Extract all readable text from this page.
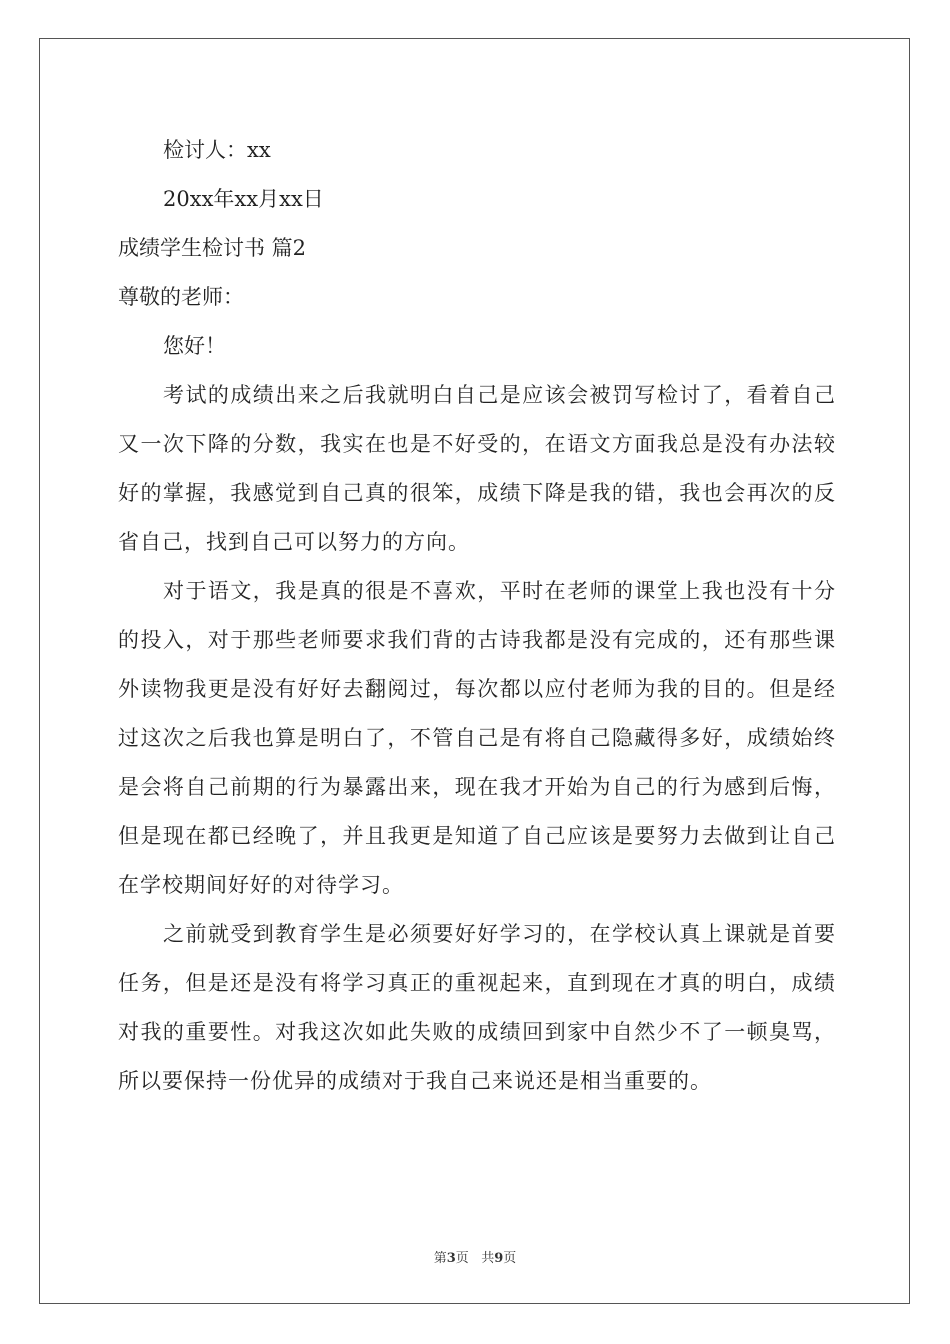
检讨人：xx
20xx年xx月xx日
成绩学生检讨书 篇2
尊敬的老师：
您好！

考试的成绩出来之后我就明白自己是应该会被罚写检讨了，看着自己又一次下降的分数，我实在也是不好受的，在语文方面我总是没有办法较好的掌握，我感觉到自己真的很笨，成绩下降是我的错，我也会再次的反省自己，找到自己可以努力的方向。

对于语文，我是真的很是不喜欢，平时在老师的课堂上我也没有十分的投入，对于那些老师要求我们背的古诗我都是没有完成的，还有那些课外读物我更是没有好好去翻阅过，每次都以应付老师为我的目的。但是经过这次之后我也算是明白了，不管自己是有将自己隐藏得多好，成绩始终是会将自己前期的行为暴露出来，现在我才开始为自己的行为感到后悔，但是现在都已经晚了，并且我更是知道了自己应该是要努力去做到让自己在学校期间好好的对待学习。

之前就受到教育学生是必须要好好学习的，在学校认真上课就是首要任务，但是还是没有将学习真正的重视起来，直到现在才真的明白，成绩对我的重要性。对我这次如此失败的成绩回到家中自然少不了一顿臭骂，所以要保持一份优异的成绩对于我自己来说还是相当重要的。

第3页 共9页
